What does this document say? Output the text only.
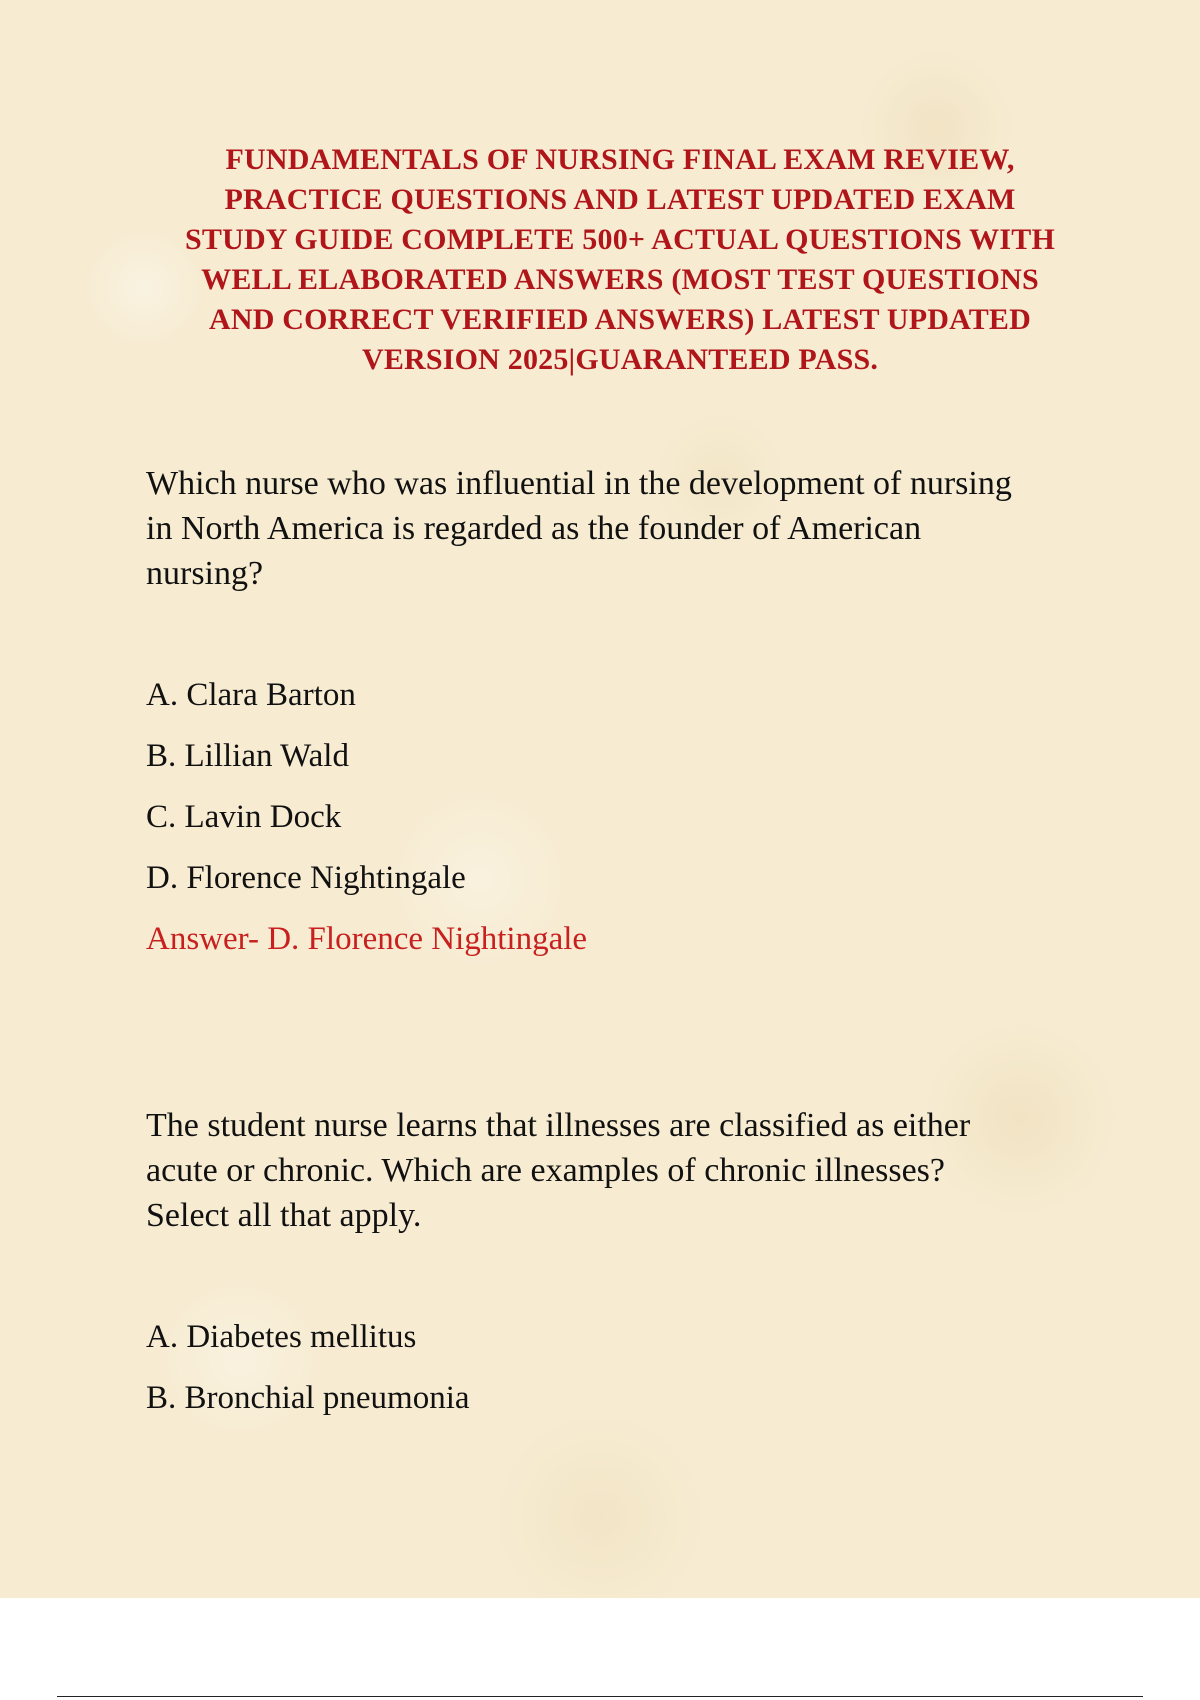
FUNDAMENTALS OF NURSING FINAL EXAM REVIEW,
PRACTICE QUESTIONS AND LATEST UPDATED EXAM
STUDY GUIDE COMPLETE 500+ ACTUAL QUESTIONS WITH
WELL ELABORATED ANSWERS (MOST TEST QUESTIONS
AND CORRECT VERIFIED ANSWERS) LATEST UPDATED
VERSION 2025|GUARANTEED PASS.

Which nurse who was influential in the development of nursing
in North America is regarded as the founder of American
nursing?

A. Clara Barton
B. Lillian Wald
C. Lavin Dock
D. Florence Nightingale
Answer- D. Florence Nightingale

The student nurse learns that illnesses are classified as either
acute or chronic. Which are examples of chronic illnesses?
Select all that apply.

A. Diabetes mellitus
B. Bronchial pneumonia
